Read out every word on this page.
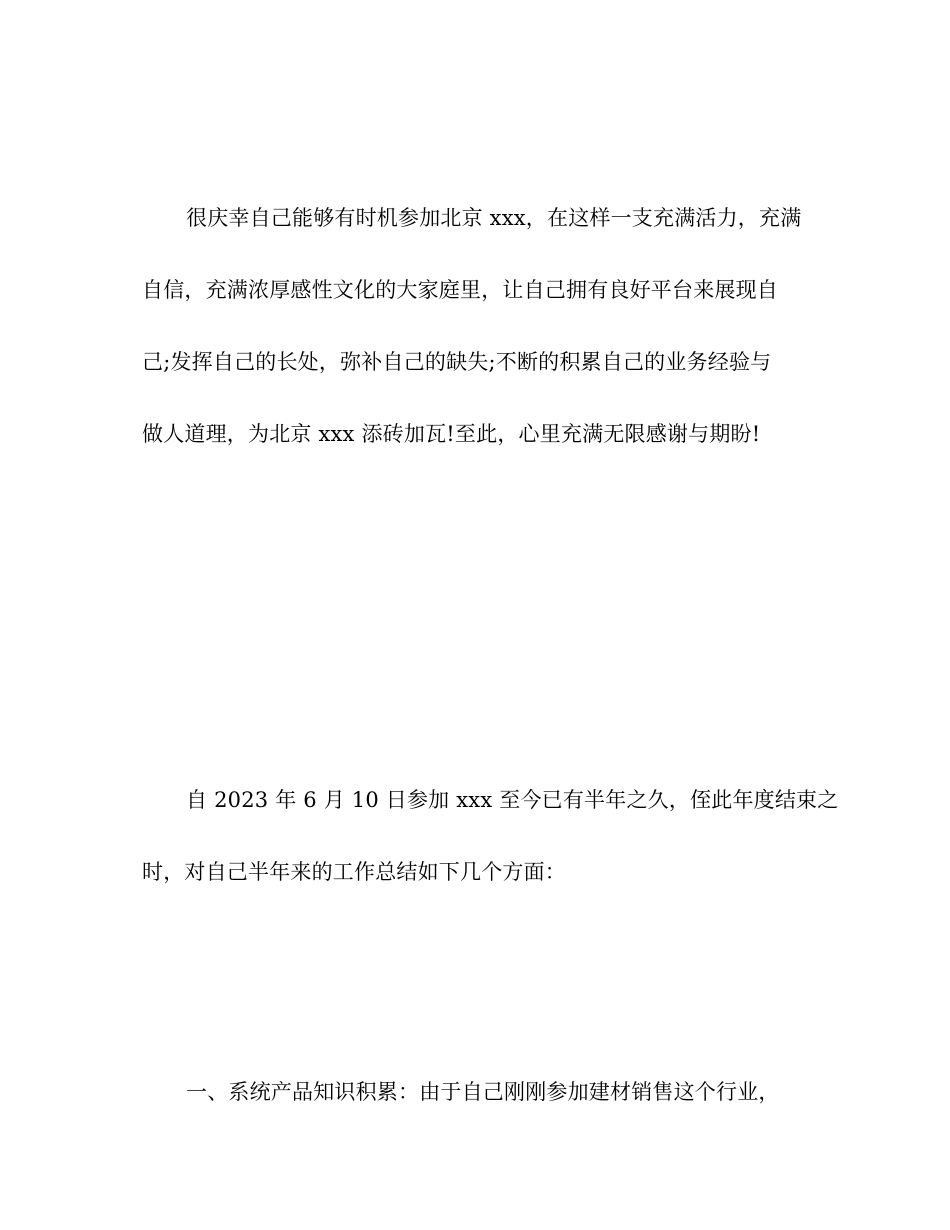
很庆幸自己能够有时机参加北京 xxx，在这样一支充满活力，充满
自信，充满浓厚感性文化的大家庭里，让自己拥有良好平台来展现自
己;发挥自己的长处，弥补自己的缺失;不断的积累自己的业务经验与
做人道理，为北京 xxx 添砖加瓦!至此，心里充满无限感谢与期盼!
自 2023 年 6 月 10 日参加 xxx 至今已有半年之久，侄此年度结束之
时，对自己半年来的工作总结如下几个方面：
一、系统产品知识积累：由于自己刚刚参加建材销售这个行业，
